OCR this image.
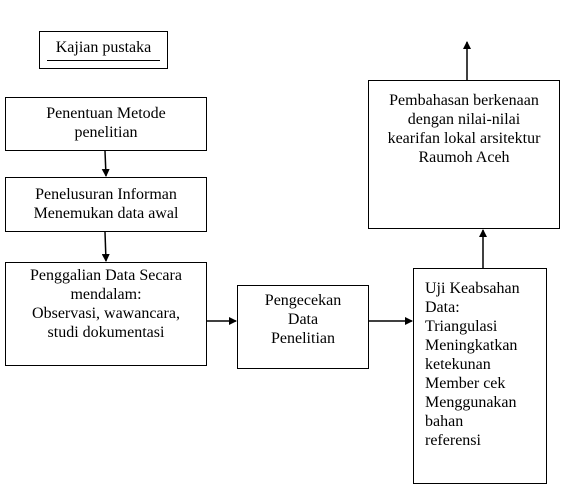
Kajian pustaka
Penentuan Metode
penelitian
Penelusuran Informan
Menemukan data awal
Penggalian Data Secara
mendalam:
Observasi, wawancara,
studi dokumentasi
Pengecekan
Data
Penelitian
Uji Keabsahan
Data:
Triangulasi
Meningkatkan
ketekunan
Member cek
Menggunakan
bahan
referensi
Pembahasan berkenaan
dengan nilai-nilai
kearifan lokal arsitektur
Raumoh Aceh
